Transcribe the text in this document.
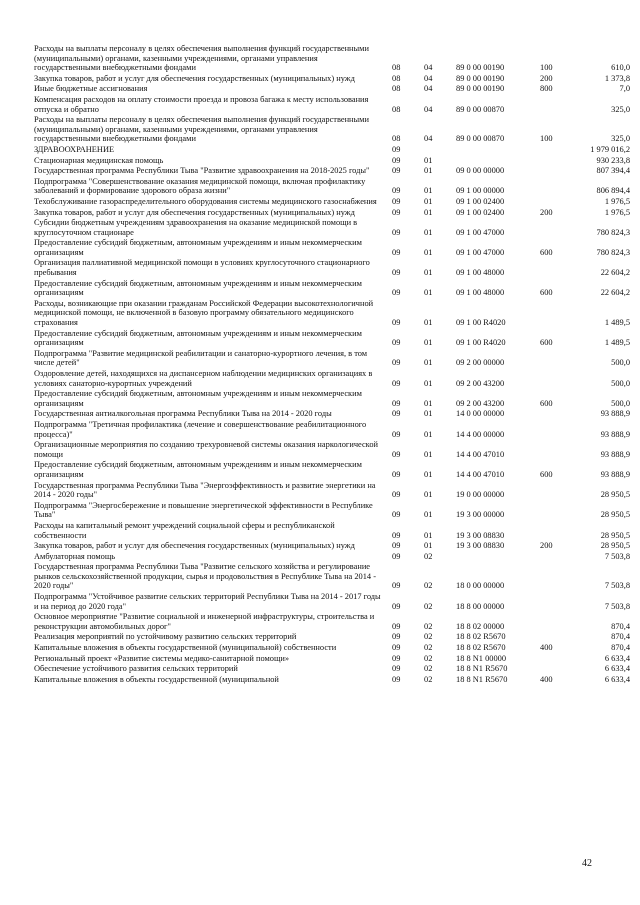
Расходы на выплаты персоналу в целях обеспечения выполнения функций государственными (муниципальными) органами, казенными учреждениями, органами управления государственными внебюджетными фондами	08	04	89 0 00 00190	100	610,0
Закупка товаров, работ и услуг для обеспечения государственных (муниципальных) нужд	08	04	89 0 00 00190	200	1 373,8
Иные бюджетные ассигнования	08	04	89 0 00 00190	800	7,0
Компенсация расходов на оплату стоимости проезда и провоза багажа к месту использования отпуска и обратно	08	04	89 0 00 00870		325,0
Расходы на выплаты персоналу в целях обеспечения выполнения функций государственными (муниципальными) органами, казенными учреждениями, органами управления государственными внебюджетными фондами	08	04	89 0 00 00870	100	325,0
ЗДРАВООХРАНЕНИЕ	09				1 979 016,2
Стационарная медицинская помощь	09	01			930 233,8
Государственная программа Республики Тыва "Развитие здравоохранения на 2018-2025 годы"	09	01	09 0 00 00000		807 394,4
Подпрограмма "Совершенствование оказания медицинской помощи, включая профилактику заболеваний и формирование здорового образа жизни"	09	01	09 1 00 00000		806 894,4
Техобслуживание газораспределительного оборудования системы медицинского газоснабжения	09	01	09 1 00 02400		1 976,5
Закупка товаров, работ и услуг для обеспечения государственных (муниципальных) нужд	09	01	09 1 00 02400	200	1 976,5
Субсидии бюджетным учреждениям здравоохранения на оказание медицинской помощи в круглосуточном стационаре	09	01	09 1 00 47000		780 824,3
Предоставление субсидий бюджетным, автономным учреждениям и иным некоммерческим организациям	09	01	09 1 00 47000	600	780 824,3
Организация паллиативной медицинской помощи в условиях круглосуточного стационарного пребывания	09	01	09 1 00 48000		22 604,2
Предоставление субсидий бюджетным, автономным учреждениям и иным некоммерческим организациям	09	01	09 1 00 48000	600	22 604,2
Расходы, возникающие при оказании гражданам Российской Федерации высокотехнологичной медицинской помощи, не включенной в базовую программу обязательного медицинского страхования	09	01	09 1 00 R4020		1 489,5
Предоставление субсидий бюджетным, автономным учреждениям и иным некоммерческим организациям	09	01	09 1 00 R4020	600	1 489,5
Подпрограмма "Развитие медицинской реабилитации и санаторно-курортного лечения, в том числе детей"	09	01	09 2 00 00000		500,0
Оздоровление детей, находящихся на диспансерном наблюдении медицинских организациях в условиях санаторно-курортных учреждений	09	01	09 2 00 43200		500,0
Предоставление субсидий бюджетным, автономным учреждениям и иным некоммерческим организациям	09	01	09 2 00 43200	600	500,0
Государственная антиалкогольная программа Республики Тыва на 2014 - 2020 годы	09	01	14 0 00 00000		93 888,9
Подпрограмма "Третичная профилактика (лечение и совершенствование реабилитационного процесса)"	09	01	14 4 00 00000		93 888,9
Организационные мероприятия по созданию трехуровневой системы оказания наркологической помощи	09	01	14 4 00 47010		93 888,9
Предоставление субсидий бюджетным, автономным учреждениям и иным некоммерческим организациям	09	01	14 4 00 47010	600	93 888,9
Государственная программа Республики Тыва "Энергоэффективность и развитие энергетики на 2014 - 2020 годы"	09	01	19 0 00 00000		28 950,5
Подпрограмма "Энергосбережение и повышение энергетической эффективности в Республике Тыва"	09	01	19 3 00 00000		28 950,5
Расходы на капитальный ремонт учреждений социальной сферы и республиканской собственности	09	01	19 3 00 08830		28 950,5
Закупка товаров, работ и услуг для обеспечения государственных (муниципальных) нужд	09	01	19 3 00 08830	200	28 950,5
Амбулаторная помощь	09	02			7 503,8
Государственная программа Республики Тыва "Развитие сельского хозяйства и регулирование рынков сельскохозяйственной продукции, сырья и продовольствия в Республике Тыва на 2014 - 2020 годы"	09	02	18 0 00 00000		7 503,8
Подпрограмма "Устойчивое развитие сельских территорий Республики Тыва на 2014 - 2017 годы и на период до 2020 года"	09	02	18 8 00 00000		7 503,8
Основное мероприятие "Развитие социальной и инженерной инфраструктуры, строительства и реконструкции автомобильных дорог"	09	02	18 8 02 00000		870,4
Реализация мероприятий по устойчивому развитию сельских территорий	09	02	18 8 02 R5670		870,4
Капитальные вложения в объекты государственной (муниципальной) собственности	09	02	18 8 02 R5670	400	870,4
Региональный проект «Развитие системы медико-санитарной помощи»	09	02	18 8 N1 00000		6 633,4
Обеспечение устойчивого развития сельских территорий	09	02	18 8 N1 R5670		6 633,4
Капитальные вложения в объекты государственной (муниципальной	09	02	18 8 N1 R5670	400	6 633,4
42
